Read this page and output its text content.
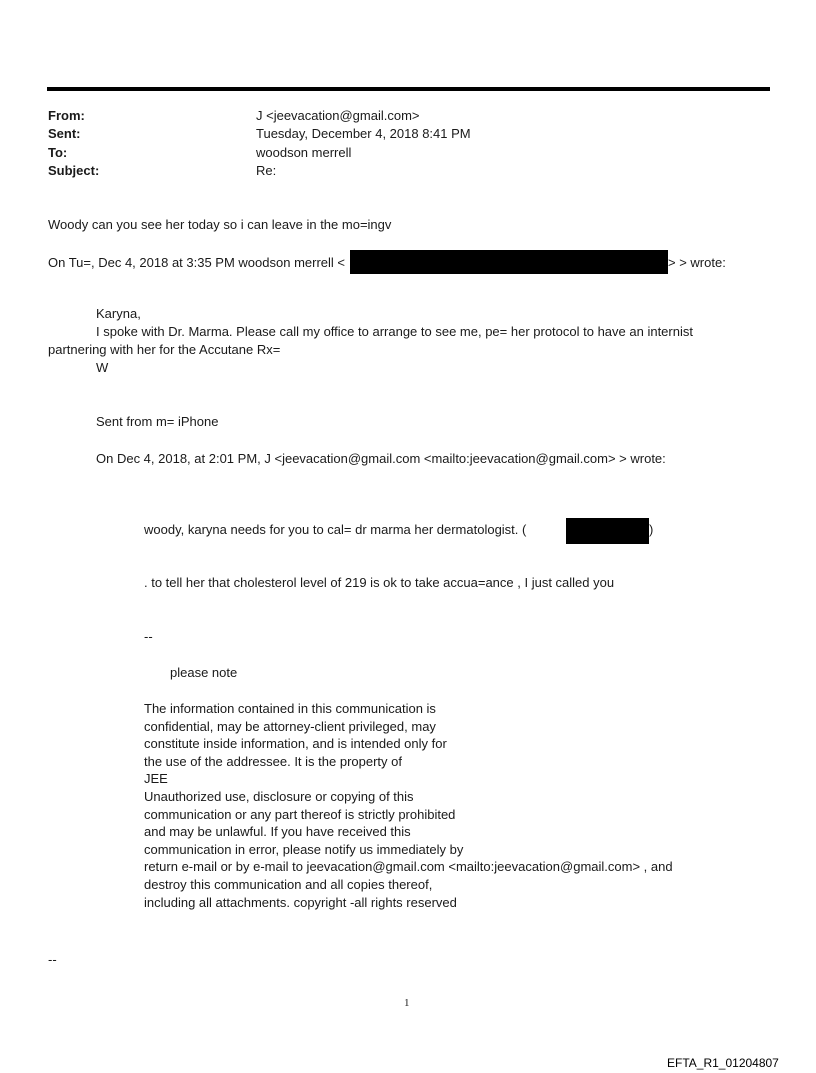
From:	J <jeevacation@gmail.com>
Sent:	Tuesday, December 4, 2018 8:41 PM
To:	woodson merrell
Subject:	Re:
Woody can you see her today so i can leave in the mo=ingv
On Tu=, Dec 4, 2018 at 3:35 PM woodson merrell <	> > wrote:
Karyna,
I spoke with Dr. Marma. Please call my office to arrange to see me, pe= her protocol to have an internist
partnering with her for the Accutane Rx=
W
Sent from m= iPhone
On Dec 4, 2018, at 2:01 PM, J <jeevacation@gmail.com <mailto:jeevacation@gmail.com> > wrote:
woody, karyna needs for you to cal= dr marma her dermatologist. (	)
. to tell her that cholesterol level of 219 is ok to take accua=ance , I just called you
--
please note
The information contained in this communication is
confidential, may be attorney-client privileged, may
constitute inside information, and is intended only for
the use of the addressee. It is the property of
JEE
Unauthorized use, disclosure or copying of this
communication or any part thereof is strictly prohibited
and may be unlawful. If you have received this
communication in error, please notify us immediately by
return e-mail or by e-mail to jeevacation@gmail.com <mailto:jeevacation@gmail.com> , and
destroy this communication and all copies thereof,
including all attachments. copyright -all rights reserved
--
1
EFTA_R1_01204807
